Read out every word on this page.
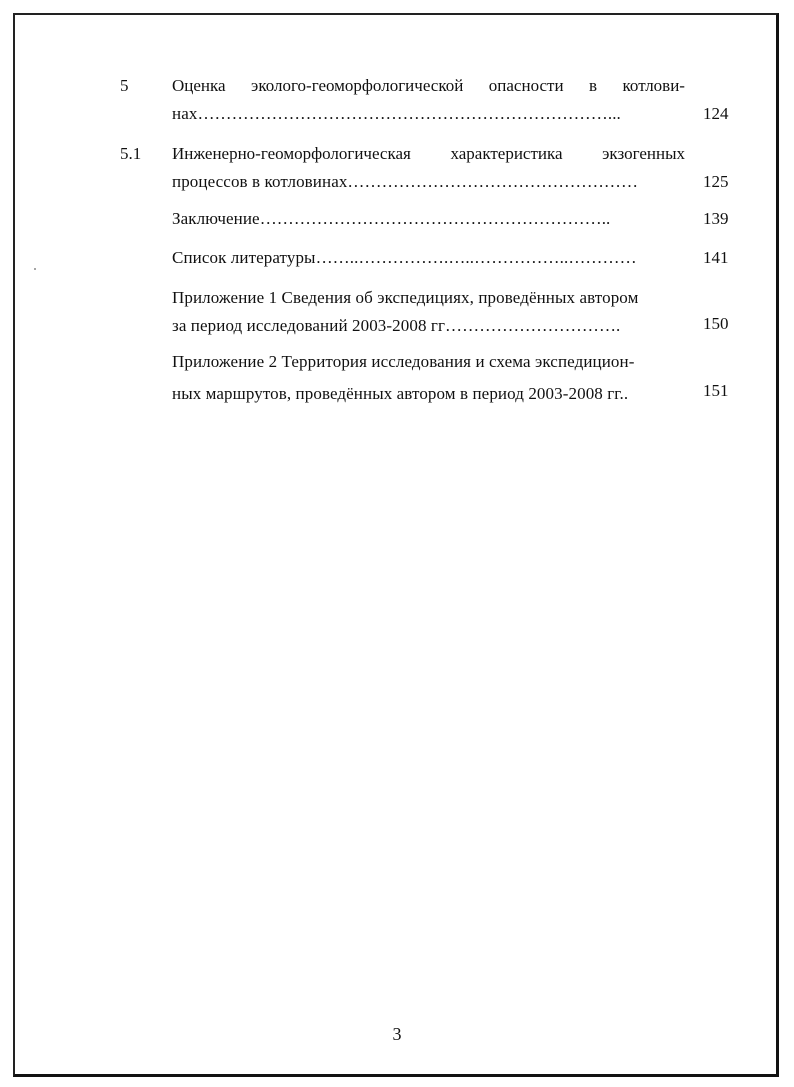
5	Оценка эколого-геоморфологической опасности в котлови-
нах………………………………………………………………...	124
5.1 Инженерно-геоморфологическая характеристика экзогенных
процессов в котловинах……………………………………………	125
Заключение……………………………………………………..	139
Список литературы……..…………….…..……………..…………	141
Приложение 1 Сведения об экспедициях, проведённых автором
за период исследований 2003-2008 гг………………………….	150
Приложение 2 Территория исследования и схема экспедицион-
ных маршрутов, проведённых автором в период 2003-2008 гг..	151
3
